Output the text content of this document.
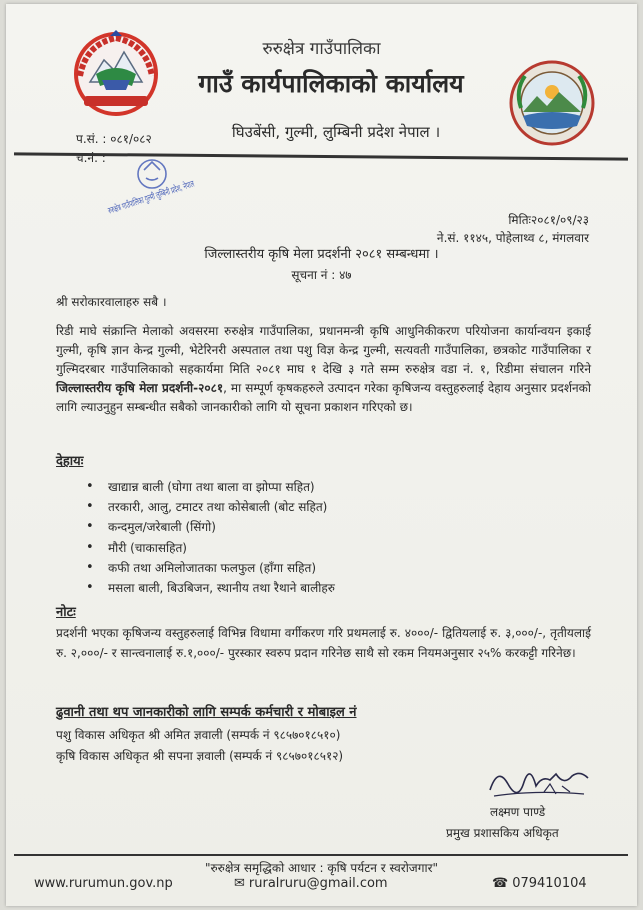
रुरुक्षेत्र गाउँपालिका
गाउँ कार्यपालिकाको कार्यालय
प.सं. : ०८१/०८२	घिउबेंसी, गुल्मी, लुम्बिनी प्रदेश नेपाल ।
च.नं. :
रुरुक्षेत्र गाउँपालिका गुल्मी लुम्बिनी प्रदेश, नेपाल
मितिः२०८१/०९/२३
ने.सं. ११४५, पोहेलाथ्व ८, मंगलवार
जिल्लास्तरीय कृषि मेला प्रदर्शनी २०८१ सम्बन्धमा ।
सूचना नं : ४७
श्री सरोकारवालाहरु सबै ।
रिडी माघे संक्रान्ति मेलाको अवसरमा रुरुक्षेत्र गाउँपालिका, प्रधानमन्त्री कृषि आधुनिकीकरण परियोजना कार्यान्वयन इकाई गुल्मी, कृषि ज्ञान केन्द्र गुल्मी, भेटेरिनरी अस्पताल तथा पशु विज्ञ केन्द्र गुल्मी, सत्यवती गाउँपालिका, छत्रकोट गाउँपालिका र गुल्मिदरबार गाउँपालिकाको सहकार्यमा मिति २०८१ माघ १ देखि ३ गते सम्म रुरुक्षेत्र वडा नं. १, रिडीमा संचालन गरिने जिल्लास्तरीय कृषि मेला प्रदर्शनी-२०८१, मा सम्पूर्ण कृषकहरुले उत्पादन गरेका कृषिजन्य वस्तुहरुलाई देहाय अनुसार प्रदर्शनको लागि ल्याउनुहुन सम्बन्धीत सबैको जानकारीको लागि यो सूचना प्रकाशन गरिएको छ।
देहायः
• खाद्यान्न बाली (घोगा तथा बाला वा झोप्पा सहित)
• तरकारी, आलु, टमाटर तथा कोसेबाली (बोट सहित)
• कन्दमुल/जरेबाली (सिंगो)
• मौरी (चाकासहित)
• कफी तथा अमिलोजातका फलफुल (हाँगा सहित)
• मसला बाली, बिउबिजन, स्थानीय तथा रैथाने बालीहरु
नोटः
प्रदर्शनी भएका कृषिजन्य वस्तुहरुलाई विभिन्न विधामा वर्गीकरण गरि प्रथमलाई रु. ४०००/- द्वितियलाई रु. ३,०००/-, तृतीयलाई रु. २,०००/- र सान्त्वनालाई रु.१,०००/- पुरस्कार स्वरुप प्रदान गरिनेछ साथै सो रकम नियमअनुसार २५% करकट्टी गरिनेछ।
ढुवानी तथा थप जानकारीको लागि सम्पर्क कर्मचारी र मोबाइल नं
पशु विकास अधिकृत श्री अमित ज्ञवाली (सम्पर्क नं ९८५७०१८५१०)
कृषि विकास अधिकृत श्री सपना ज्ञवाली (सम्पर्क नं ९८५७०१८५१२)
लक्ष्मण पाण्डे
प्रमुख प्रशासकिय अधिकृत
"रुरुक्षेत्र समृद्धिको आधार : कृषि पर्यटन र स्वरोजगार"
www.rurumun.gov.np	✉ ruralruru@gmail.com	☎ 079410104
